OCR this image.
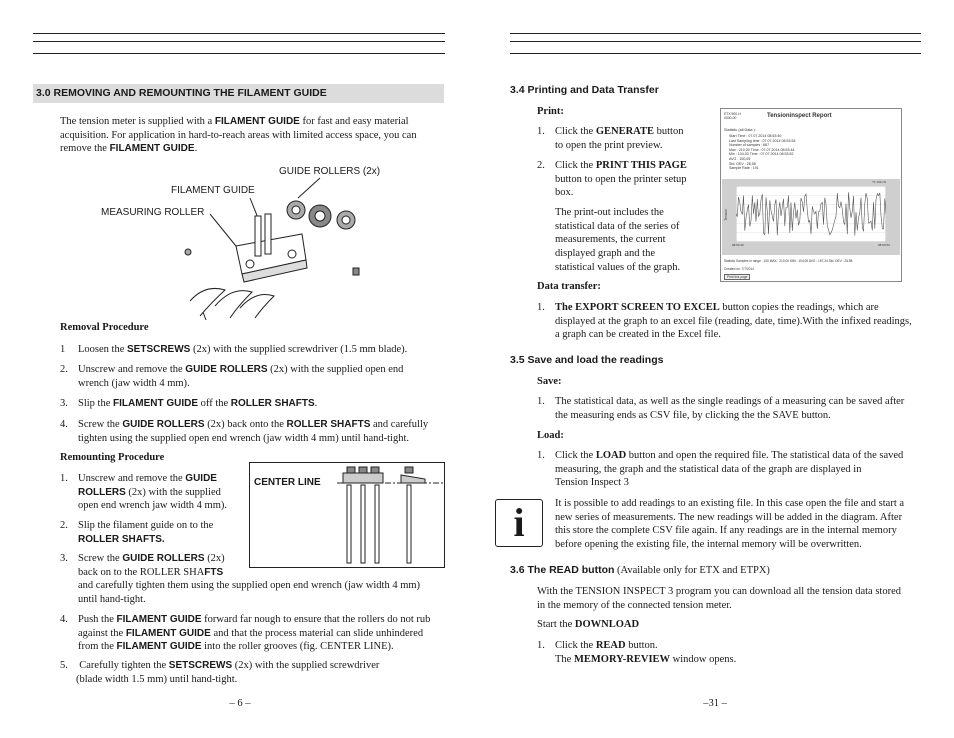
3.0 REMOVING AND REMOUNTING THE FILAMENT GUIDE
The tension meter is supplied with a FILAMENT GUIDE for fast and easy material
acquisition. For application in hard-to-reach areas with limited access space, you can
remove the FILAMENT GUIDE.
GUIDE ROLLERS (2x)
FILAMENT GUIDE
MEASURING ROLLER
Removal Procedure
1 Loosen the SETSCREWS (2x) with the supplied screwdriver (1.5 mm blade).
2. Unscrew and remove the GUIDE ROLLERS (2x) with the supplied open end
wrench (jaw width 4 mm).
3. Slip the FILAMENT GUIDE off the ROLLER SHAFTS.
4. Screw the GUIDE ROLLERS (2x) back onto the ROLLER SHAFTS and carefully
tighten using the supplied open end wrench (jaw width 4 mm) until hand-tight.
Remounting Procedure
1. Unscrew and remove the GUIDE
ROLLERS (2x) with the supplied
open end wrench jaw width 4 mm).
2. Slip the filament guide on to the
ROLLER SHAFTS.
3. Screw the GUIDE ROLLERS (2x)
back on to the ROLLER SHAFTS
and carefully tighten them using the supplied open end wrench (jaw width 4 mm)
until hand-tight.
4. Push the FILAMENT GUIDE forward far nough to ensure that the rollers do not rub
against the FILAMENT GUIDE and that the process material can slide unhindered
from the FILAMENT GUIDE into the roller grooves (fig. CENTER LINE).
5. Carefully tighten the SETSCREWS (2x) with the supplied screwdriver
(blade width 1.5 mm) until hand-tight.
CENTER LINE
– 6 –
3.4 Printing and Data Transfer
Print:
1. Click the GENERATE button
to open the print preview.
2. Click the PRINT THIS PAGE
button to open the printer setup
box.
The print-out includes the
statistical data of the series of
measurements, the current
displayed graph and the
statistical values of the graph.
ETX 500-H
0000-00	Tensioninspect Report
Statistic (all Data ):
Start Time : 07.07.2014 08:53:40
Last Sampling time : 07.07.2014 08:53:54
Number of samples : 667
Max : 210,00 Time : 07.07.2014 08:53:44
Min : 104,00 Time : 07.07.2014 08:53:52
AVG : 150,05
Std. DEV : 26,58
Sample Rate : 191
Tension
T1 100 cN
08:53:40	08:53:54
Statistic Samples in range : 100 MAX : 210,00 MIN : 104,00 AVG : 157,24 Std. DEV : 26,58
Created on: 7/7/2014
Print this page
Data transfer:
1. The EXPORT SCREEN TO EXCEL button copies the readings, which are
displayed at the graph to an excel file (reading, date, time).With the infixed readings,
a graph can be created in the Excel file.
3.5 Save and load the readings
Save:
1. The statistical data, as well as the single readings of a measuring can be saved after
the measuring ends as CSV file, by clicking the the SAVE button.
Load:
1. Click the LOAD button and open the required file. The statistical data of the saved
measuring, the graph and the statistical data of the graph are displayed in
Tension Inspect 3
i	It is possible to add readings to an existing file. In this case open the file and start a
new series of measurements. The new readings will be added in the diagram. After
this store the complete CSV file again. If any readings are in the internal memory
before opening the existing file, the internal memory will be overwritten.
3.6 The READ button (Available only for ETX and ETPX)
With the TENSION INSPECT 3 program you can download all the tension data stored
in the memory of the connected tension meter.
Start the DOWNLOAD
1. Click the READ button.
The MEMORY-REVIEW window opens.
–31 –
